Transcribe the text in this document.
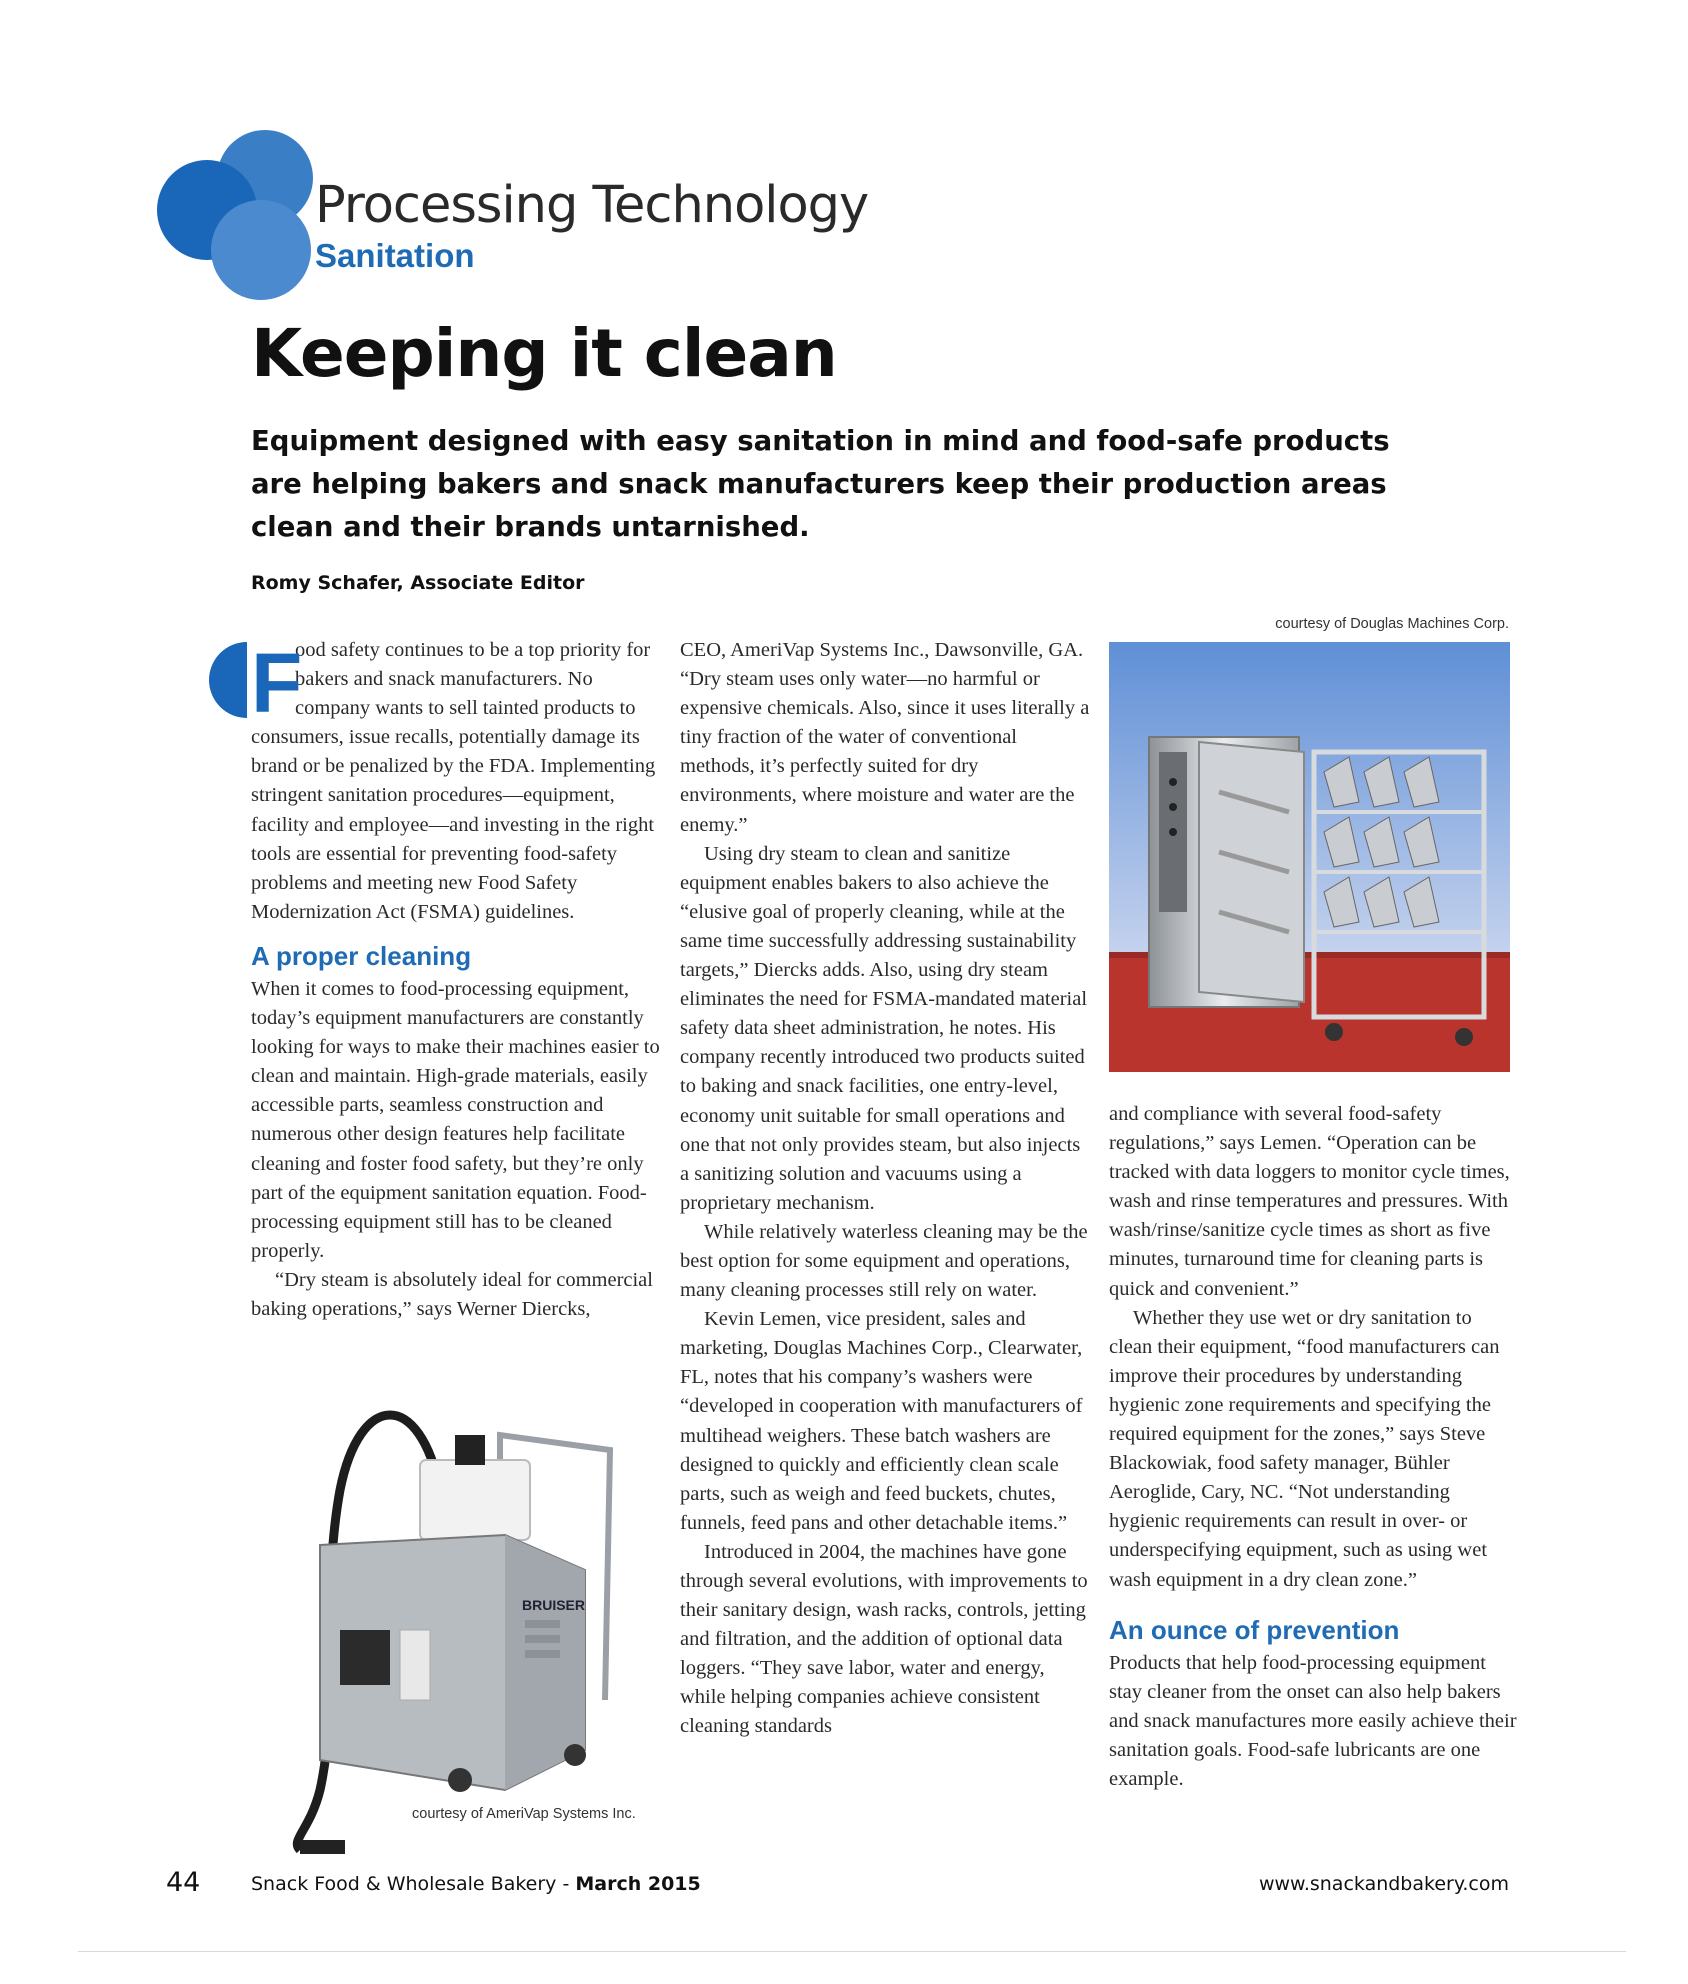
Processing Technology
Sanitation
Keeping it clean

Equipment designed with easy sanitation in mind and food-safe products are helping bakers and snack manufacturers keep their production areas clean and their brands untarnished.

Romy Schafer, Associate Editor

F
ood safety continues to be a top priority for bakers and snack manufacturers. No company wants to sell tainted products to consumers, issue recalls, potentially damage its brand or be penalized by the FDA. Implementing stringent sanitation procedures—equipment, facility and employee—and investing in the right tools are essential for preventing food-safety problems and meeting new Food Safety Modernization Act (FSMA) guidelines.

A proper cleaning

When it comes to food-processing equipment, today’s equipment manufacturers are constantly looking for ways to make their machines easier to clean and maintain. High-grade materials, easily accessible parts, seamless construction and numerous other design features help facilitate cleaning and foster food safety, but they’re only part of the equipment sanitation equation. Food-processing equipment still has to be cleaned properly.

“Dry steam is absolutely ideal for commercial baking operations,” says Werner Diercks,

CEO, AmeriVap Systems Inc., Dawsonville, GA. “Dry steam uses only water—no harmful or expensive chemicals. Also, since it uses literally a tiny fraction of the water of conventional methods, it’s perfectly suited for dry environments, where moisture and water are the enemy.”

Using dry steam to clean and sanitize equipment enables bakers to also achieve the “elusive goal of properly cleaning, while at the same time successfully addressing sustainability targets,” Diercks adds. Also, using dry steam eliminates the need for FSMA-mandated material safety data sheet administration, he notes. His company recently introduced two products suited to baking and snack facilities, one entry-level, economy unit suitable for small operations and one that not only provides steam, but also injects a sanitizing solution and vacuums using a proprietary mechanism.

While relatively waterless cleaning may be the best option for some equipment and operations, many cleaning processes still rely on water.

Kevin Lemen, vice president, sales and marketing, Douglas Machines Corp., Clearwater, FL, notes that his company’s washers were “developed in cooperation with manufacturers of multihead weighers. These batch washers are designed to quickly and efficiently clean scale parts, such as weigh and feed buckets, chutes, funnels, feed pans and other detachable items.”

Introduced in 2004, the machines have gone through several evolutions, with improvements to their sanitary design, wash racks, controls, jetting and filtration, and the addition of optional data loggers. “They save labor, water and energy, while helping companies achieve consistent cleaning standards

and compliance with several food-safety regulations,” says Lemen. “Operation can be tracked with data loggers to monitor cycle times, wash and rinse temperatures and pressures. With wash/rinse/sanitize cycle times as short as five minutes, turnaround time for cleaning parts is quick and convenient.”

Whether they use wet or dry sanitation to clean their equipment, “food manufacturers can improve their procedures by understanding hygienic zone requirements and specifying the required equipment for the zones,” says Steve Blackowiak, food safety manager, Bühler Aeroglide, Cary, NC. “Not understanding hygienic requirements can result in over- or underspecifying equipment, such as using wet wash equipment in a dry clean zone.”

An ounce of prevention

Products that help food-processing equipment stay cleaner from the onset can also help bakers and snack manufactures more easily achieve their sanitation goals. Food-safe lubricants are one example.

courtesy of Douglas Machines Corp.
BRUISER
courtesy of AmeriVap Systems Inc.
44	Snack Food & Wholesale Bakery - March 2015	www.snackandbakery.com
